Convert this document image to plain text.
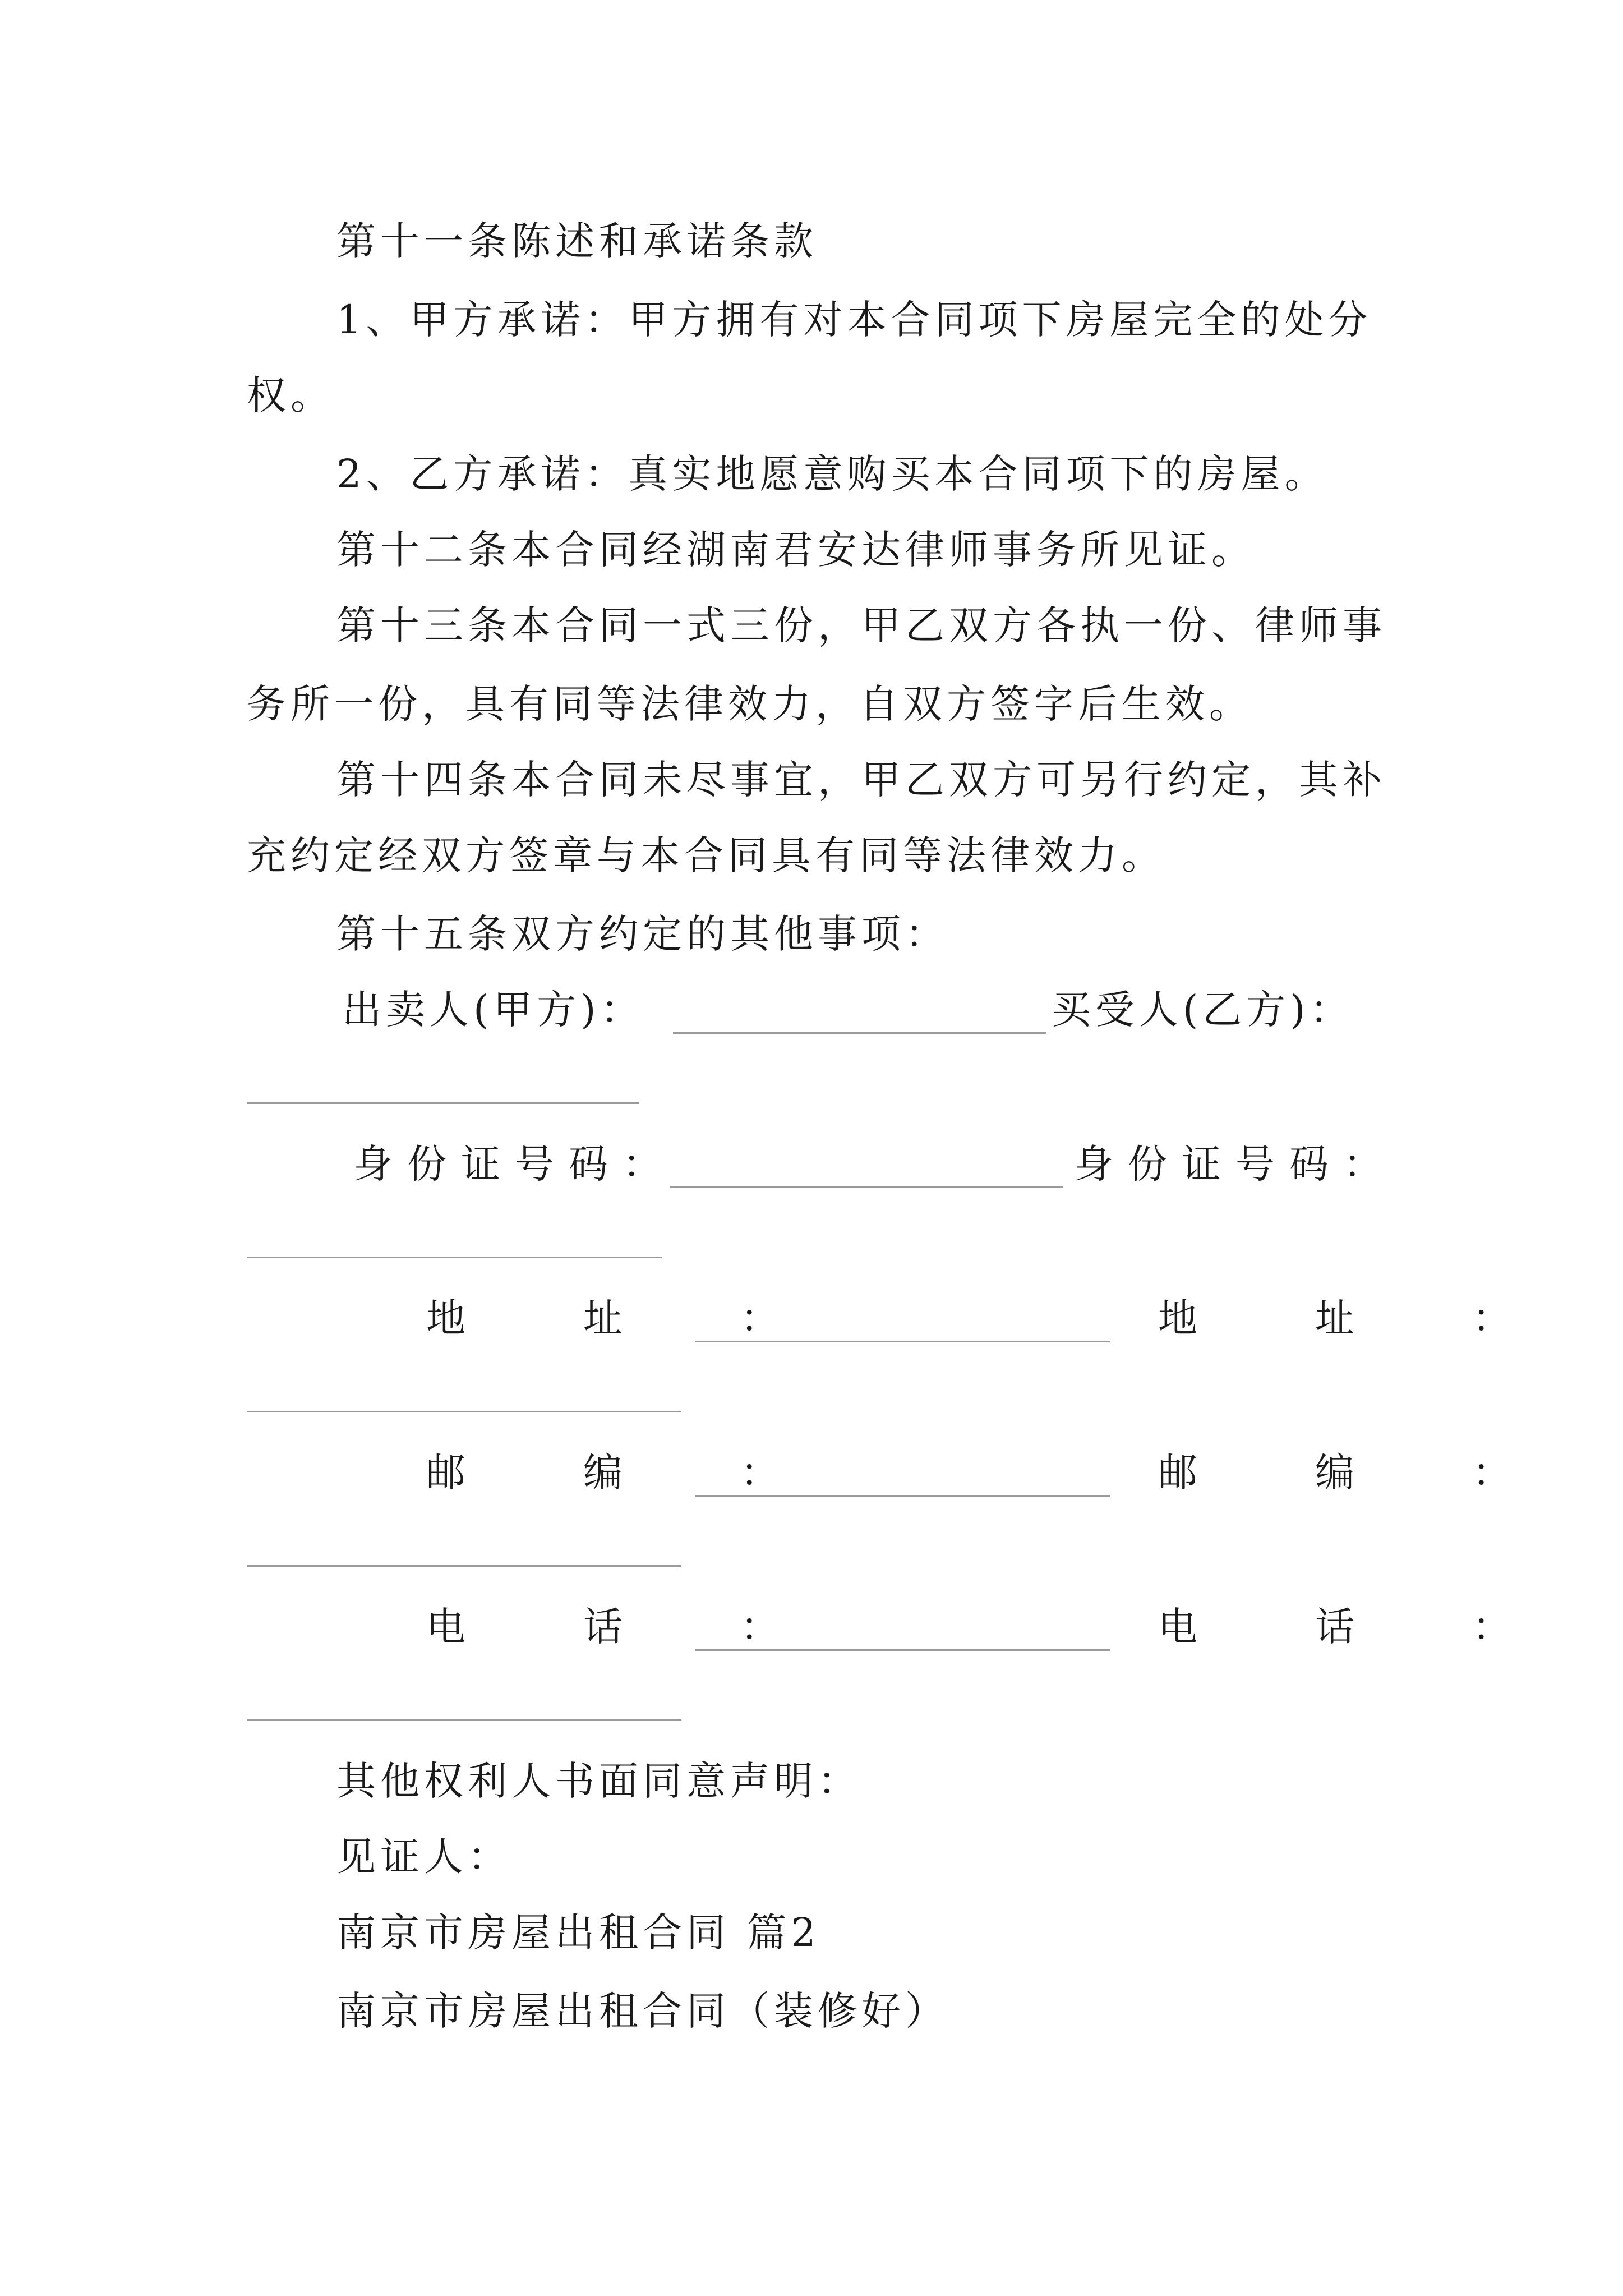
第十一条陈述和承诺条款
1、甲方承诺：甲方拥有对本合同项下房屋完全的处分
权。
2、乙方承诺：真实地愿意购买本合同项下的房屋。
第十二条本合同经湖南君安达律师事务所见证。
第十三条本合同一式三份，甲乙双方各执一份、律师事
务所一份，具有同等法律效力，自双方签字后生效。
第十四条本合同未尽事宜，甲乙双方可另行约定，其补
充约定经双方签章与本合同具有同等法律效力。
第十五条双方约定的其他事项：
出卖人(甲方)：	买受人(乙方)：
身份证号码：	身份证号码：
地　址　：	地　址　：
邮　编　：	邮　编　：
电　话　：	电　话　：
其他权利人书面同意声明：
见证人：
南京市房屋出租合同 篇2
南京市房屋出租合同（装修好）
